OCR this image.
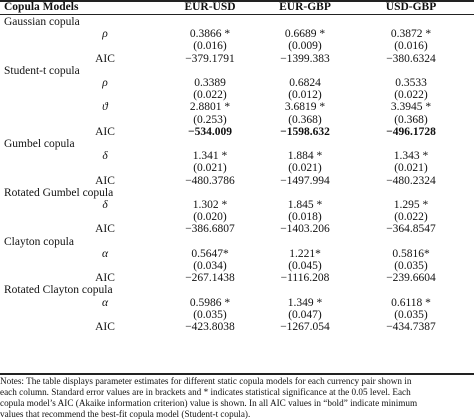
Copula Models	EUR-USD	EUR-GBP	USD-GBP
Gaussian copula
ρ	0.3866 *	0.6689 *	0.3872 *
(0.016)	(0.009)	(0.016)
AIC	−379.1791	−1399.383	−380.6324
Student-t copula
ρ	0.3389	0.6824	0.3533
(0.022)	(0.012)	(0.022)
ϑ	2.8801 *	3.6819 *	3.3945 *
(0.253)	(0.368)	(0.368)
AIC	−534.009	−1598.632	−496.1728
Gumbel copula
δ	1.341 *	1.884 *	1.343 *
(0.021)	(0.021)	(0.021)
AIC	−480.3786	−1497.994	−480.2324
Rotated Gumbel copula
δ	1.302 *	1.845 *	1.295 *
(0.020)	(0.018)	(0.022)
AIC	−386.6807	−1403.206	−364.8547
Clayton copula
α	0.5647*	1.221*	0.5816*
(0.034)	(0.045)	(0.035)
AIC	−267.1438	−1116.208	−239.6604
Rotated Clayton copula
α	0.5986 *	1.349 *	0.6118 *
(0.035)	(0.047)	(0.035)
AIC	−423.8038	−1267.054	−434.7387
Notes: The table displays parameter estimates for different static copula models for each currency pair shown in
each column. Standard error values are in brackets and * indicates statistical significance at the 0.05 level. Each
copula model’s AIC (Akaike information criterion) value is shown. In all AIC values in “bold” indicate minimum
values that recommend the best-fit copula model (Student-t copula).
